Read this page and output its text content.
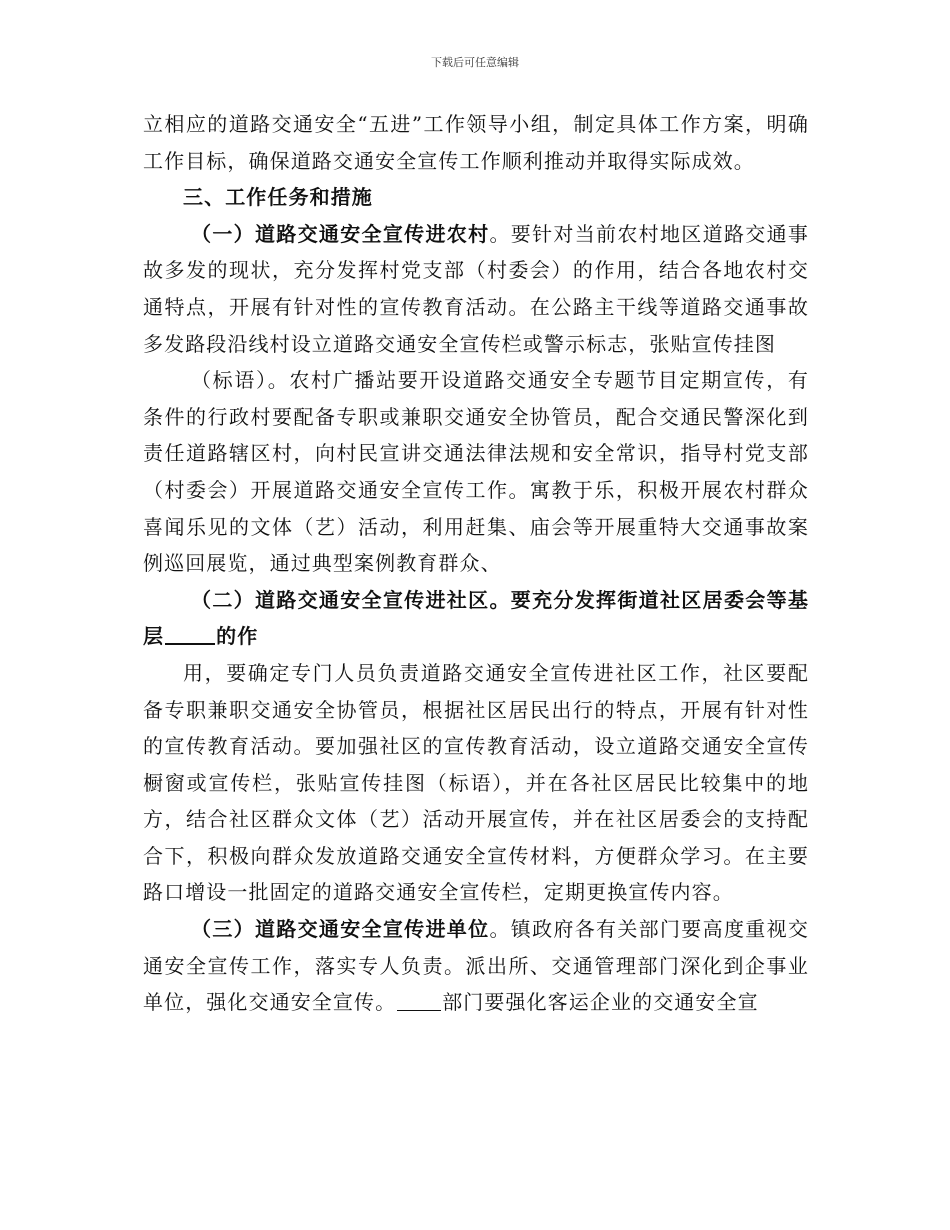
下载后可任意编辑

立相应的道路交通安全“五进”工作领导小组，制定具体工作方案，明确工作目标，确保道路交通安全宣传工作顺利推动并取得实际成效。

三、工作任务和措施

（一）道路交通安全宣传进农村。要针对当前农村地区道路交通事故多发的现状，充分发挥村党支部（村委会）的作用，结合各地农村交通特点，开展有针对性的宣传教育活动。在公路主干线等道路交通事故多发路段沿线村设立道路交通安全宣传栏或警示标志，张贴宣传挂图

（标语）。农村广播站要开设道路交通安全专题节目定期宣传，有条件的行政村要配备专职或兼职交通安全协管员，配合交通民警深化到责任道路辖区村，向村民宣讲交通法律法规和安全常识，指导村党支部（村委会）开展道路交通安全宣传工作。寓教于乐，积极开展农村群众喜闻乐见的文体（艺）活动，利用赶集、庙会等开展重特大交通事故案例巡回展览，通过典型案例教育群众、

（二）道路交通安全宣传进社区。要充分发挥街道社区居委会等基层	的作

用，要确定专门人员负责道路交通安全宣传进社区工作，社区要配备专职兼职交通安全协管员，根据社区居民出行的特点，开展有针对性的宣传教育活动。要加强社区的宣传教育活动，设立道路交通安全宣传橱窗或宣传栏，张贴宣传挂图（标语），并在各社区居民比较集中的地方，结合社区群众文体（艺）活动开展宣传，并在社区居委会的支持配合下，积极向群众发放道路交通安全宣传材料，方便群众学习。在主要路口增设一批固定的道路交通安全宣传栏，定期更换宣传内容。

（三）道路交通安全宣传进单位。镇政府各有关部门要高度重视交通安全宣传工作，落实专人负责。派出所、交通管理部门深化到企事业单位，强化交通安全宣传。 部门要强化客运企业的交通安全宣
